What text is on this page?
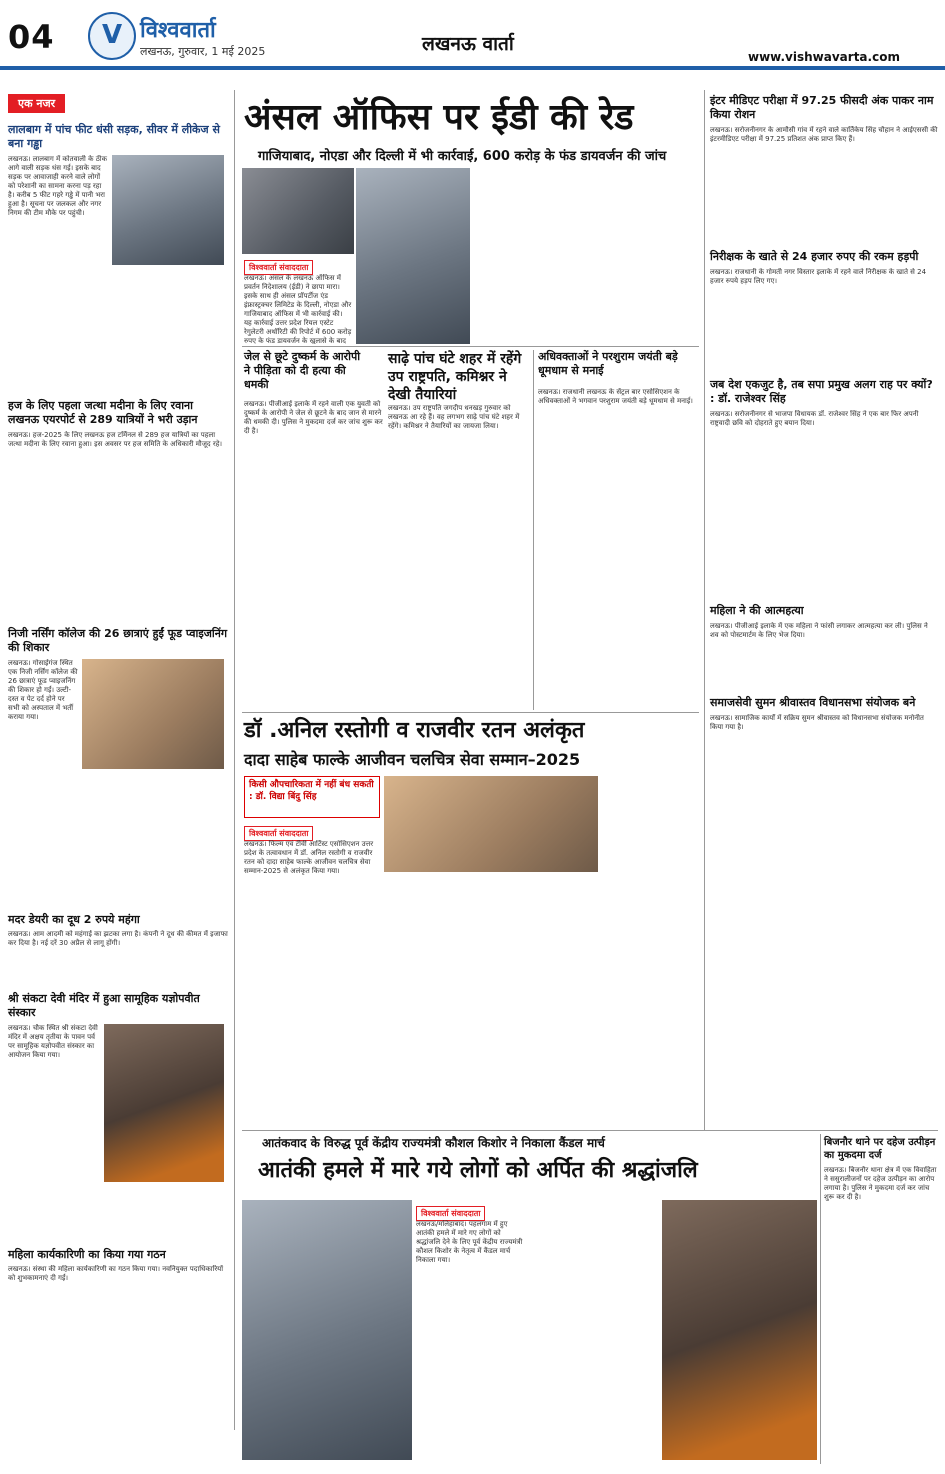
04 V विश्ववार्ता
लखनऊ, गुरुवार, 1 मई 2025	लखनऊ वार्ता
www.vishwavarta.com
एक नजर
लालबाग में पांच फीट धंसी सड़क, सीवर में लीकेज से बना गड्ढा
लखनऊ। लालबाग में कोतवाली के ठीक आगे वाली सड़क धंस गई। इसके बाद सड़क पर आवाजाही करने वाले लोगों को परेशानी का सामना करना पड़ रहा है। करीब 5 फीट गहरे गड्ढे में पानी भरा हुआ है। सूचना पर जलकल और नगर निगम की टीम मौके पर पहुंची।
हज के लिए पहला जत्था मदीना के लिए रवाना लखनऊ एयरपोर्ट से 289 यात्रियों ने भरी उड़ान
लखनऊ। हज-2025 के लिए लखनऊ हज टर्मिनल से 289 हज यात्रियों का पहला जत्था मदीना के लिए रवाना हुआ। इस अवसर पर हज समिति के अधिकारी मौजूद रहे।
निजी नर्सिंग कॉलेज की 26 छात्राएं हुईं फूड प्वाइजनिंग की शिकार
लखनऊ। गोसाईगंज स्थित एक निजी नर्सिंग कॉलेज की 26 छात्राएं फूड प्वाइजनिंग की शिकार हो गईं। उल्टी-दस्त व पेट दर्द होने पर सभी को अस्पताल में भर्ती कराया गया।
मदर डेयरी का दूध 2 रुपये महंगा
लखनऊ। आम आदमी को महंगाई का झटका लगा है। कंपनी ने दूध की कीमत में इजाफा कर दिया है। नई दरें 30 अप्रैल से लागू होंगी।
श्री संकटा देवी मंदिर में हुआ सामूहिक यज्ञोपवीत संस्कार
लखनऊ। चौक स्थित श्री संकटा देवी मंदिर में अक्षय तृतीया के पावन पर्व पर सामूहिक यज्ञोपवीत संस्कार का आयोजन किया गया।
महिला कार्यकारिणी का किया गया गठन
लखनऊ। संस्था की महिला कार्यकारिणी का गठन किया गया। नवनियुक्त पदाधिकारियों को शुभकामनाएं दी गईं।
अंसल ऑफिस पर ईडी की रेड
गाजियाबाद, नोएडा और दिल्ली में भी कार्रवाई, 600 करोड़ के फंड डायवर्जन की जांच
विश्ववार्ता संवाददाता
लखनऊ। अंसल के लखनऊ ऑफिस में प्रवर्तन निदेशालय (ईडी) ने छापा मारा। इसके साथ ही अंसल प्रॉपर्टीज एंड इंफ्रास्ट्रक्चर लिमिटेड के दिल्ली, नोएडा और गाजियाबाद ऑफिस में भी कार्रवाई की। यह कार्रवाई उत्तर प्रदेश रियल एस्टेट रेगुलेटरी अथॉरिटी की रिपोर्ट में 600 करोड़ रुपए के फंड डायवर्जन के खुलासे के बाद
जेल से छूटे दुष्कर्म के आरोपी ने पीड़िता को दी हत्या की धमकी
लखनऊ। पीजीआई इलाके में रहने वाली एक युवती को दुष्कर्म के आरोपी ने जेल से छूटने के बाद जान से मारने की धमकी दी। पुलिस ने मुकदमा दर्ज कर जांच शुरू कर दी है।
साढ़े पांच घंटे शहर में रहेंगे उप राष्ट्रपति, कमिश्नर ने देखी तैयारियां
लखनऊ। उप राष्ट्रपति जगदीप धनखड़ गुरुवार को लखनऊ आ रहे हैं। वह लगभग साढ़े पांच घंटे शहर में रहेंगे। कमिश्नर ने तैयारियों का जायजा लिया।
अधिवक्ताओं ने परशुराम जयंती बड़े धूमधाम से मनाई
लखनऊ। राजधानी लखनऊ के सेंट्रल बार एसोसिएशन के अधिवक्ताओं ने भगवान परशुराम जयंती बड़े धूमधाम से मनाई।
डॉ .अनिल रस्तोगी व राजवीर रतन अलंकृत
दादा साहेब फाल्के आजीवन चलचित्र सेवा सम्मान–2025
किसी औपचारिकता में नहीं बंध सकती : डॉ. विद्या बिंदु सिंह
विश्ववार्ता संवाददाता
लखनऊ। फिल्म एवं टीवी आर्टिस्ट एसोसिएशन उत्तर प्रदेश के तत्वावधान में डॉ. अनिल रस्तोगी व राजवीर रतन को दादा साहेब फाल्के आजीवन चलचित्र सेवा सम्मान-2025 से अलंकृत किया गया।
इंटर मीडिएट परीक्षा में 97.25 फीसदी अंक पाकर नाम किया रोशन
लखनऊ। सरोजनीनगर के आमौसी गांव में रहने वाले कार्तिकेय सिंह चौहान ने आईएससी की इंटरमीडिएट परीक्षा में 97.25 प्रतिशत अंक प्राप्त किए हैं।
निरीक्षक के खाते से 24 हजार रुपए की रकम हड़पी
लखनऊ। राजधानी के गोमती नगर विस्तार इलाके में रहने वाले निरीक्षक के खाते से 24 हजार रुपये हड़प लिए गए।
जब देश एकजुट है, तब सपा प्रमुख अलग राह पर क्यों? : डॉ. राजेश्वर सिंह
लखनऊ। सरोजनीनगर से भाजपा विधायक डॉ. राजेश्वर सिंह ने एक बार फिर अपनी राष्ट्रवादी छवि को दोहराते हुए बयान दिया।
महिला ने की आत्महत्या
लखनऊ। पीजीआई इलाके में एक महिला ने फांसी लगाकर आत्महत्या कर ली। पुलिस ने शव को पोस्टमार्टम के लिए भेज दिया।
समाजसेवी सुमन श्रीवास्तव विधानसभा संयोजक बने
लखनऊ। सामाजिक कार्यों में सक्रिय सुमन श्रीवास्तव को विधानसभा संयोजक मनोनीत किया गया है।
आतंकवाद के विरुद्ध पूर्व केंद्रीय राज्यमंत्री कौशल किशोर ने निकाला कैंडल मार्च
आतंकी हमले में मारे गये लोगों को अर्पित की श्रद्धांजलि
विश्ववार्ता संवाददाता
लखनऊ/मलिहाबाद। पहलगाम में हुए आतंकी हमले में मारे गए लोगों को श्रद्धांजलि देने के लिए पूर्व केंद्रीय राज्यमंत्री कौशल किशोर के नेतृत्व में कैंडल मार्च निकाला गया।
बिजनौर थाने पर दहेज उत्पीड़न का मुकदमा दर्ज
लखनऊ। बिजनौर थाना क्षेत्र में एक विवाहिता ने ससुरालीजनों पर दहेज उत्पीड़न का आरोप लगाया है। पुलिस ने मुकदमा दर्ज कर जांच शुरू कर दी है।
